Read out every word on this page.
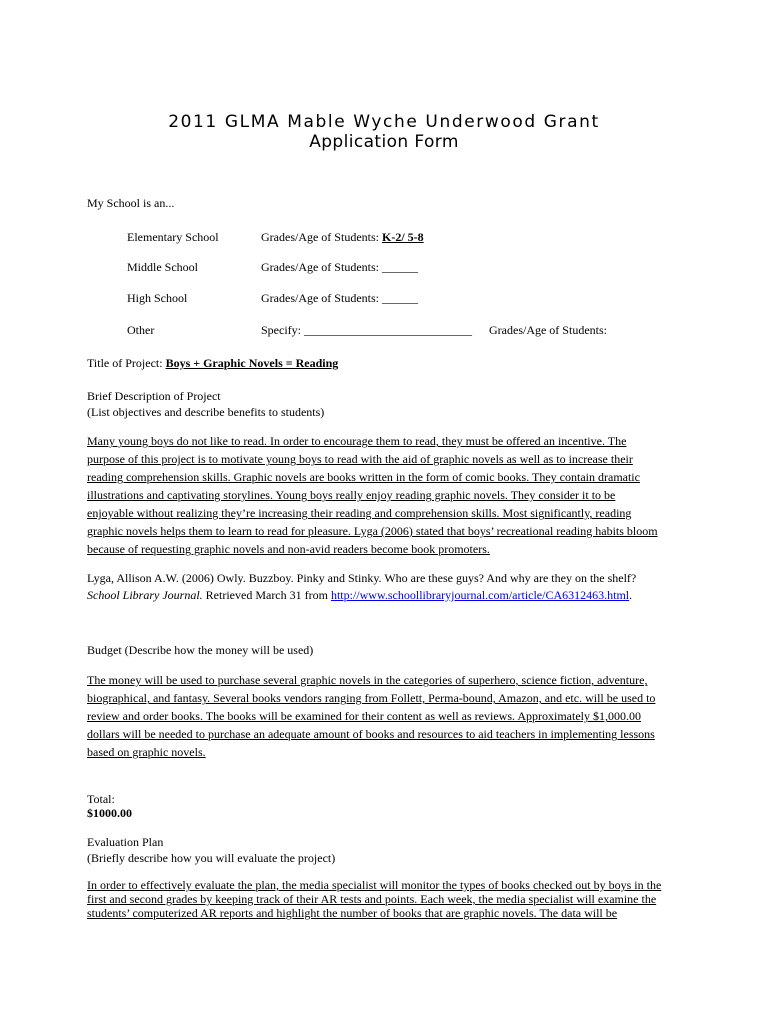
2011 GLMA Mable Wyche Underwood Grant
Application Form
My School is an...
Elementary School	Grades/Age of Students: K-2/ 5-8
Middle School	Grades/Age of Students: ______
High School	Grades/Age of Students: ______
Other	Specify: ____________________________ Grades/Age of Students:
Title of Project: Boys + Graphic Novels = Reading
Brief Description of Project
(List objectives and describe benefits to students)
Many young boys do not like to read. In order to encourage them to read, they must be offered an incentive. The
purpose of this project is to motivate young boys to read with the aid of graphic novels as well as to increase their
reading comprehension skills. Graphic novels are books written in the form of comic books. They contain dramatic
illustrations and captivating storylines. Young boys really enjoy reading graphic novels. They consider it to be
enjoyable without realizing they’re increasing their reading and comprehension skills. Most significantly, reading
graphic novels helps them to learn to read for pleasure. Lyga (2006) stated that boys’ recreational reading habits bloom
because of requesting graphic novels and non-avid readers become book promoters.
Lyga, Allison A.W. (2006) Owly. Buzzboy. Pinky and Stinky. Who are these guys? And why are they on the shelf?
School Library Journal. Retrieved March 31 from http://www.schoollibraryjournal.com/article/CA6312463.html.
Budget (Describe how the money will be used)
The money will be used to purchase several graphic novels in the categories of superhero, science fiction, adventure,
biographical, and fantasy. Several books vendors ranging from Follett, Perma-bound, Amazon, and etc. will be used to
review and order books. The books will be examined for their content as well as reviews. Approximately $1,000.00
dollars will be needed to purchase an adequate amount of books and resources to aid teachers in implementing lessons
based on graphic novels.
Total:
$1000.00
Evaluation Plan
(Briefly describe how you will evaluate the project)
In order to effectively evaluate the plan, the media specialist will monitor the types of books checked out by boys in the
first and second grades by keeping track of their AR tests and points. Each week, the media specialist will examine the
students’ computerized AR reports and highlight the number of books that are graphic novels. The data will be
